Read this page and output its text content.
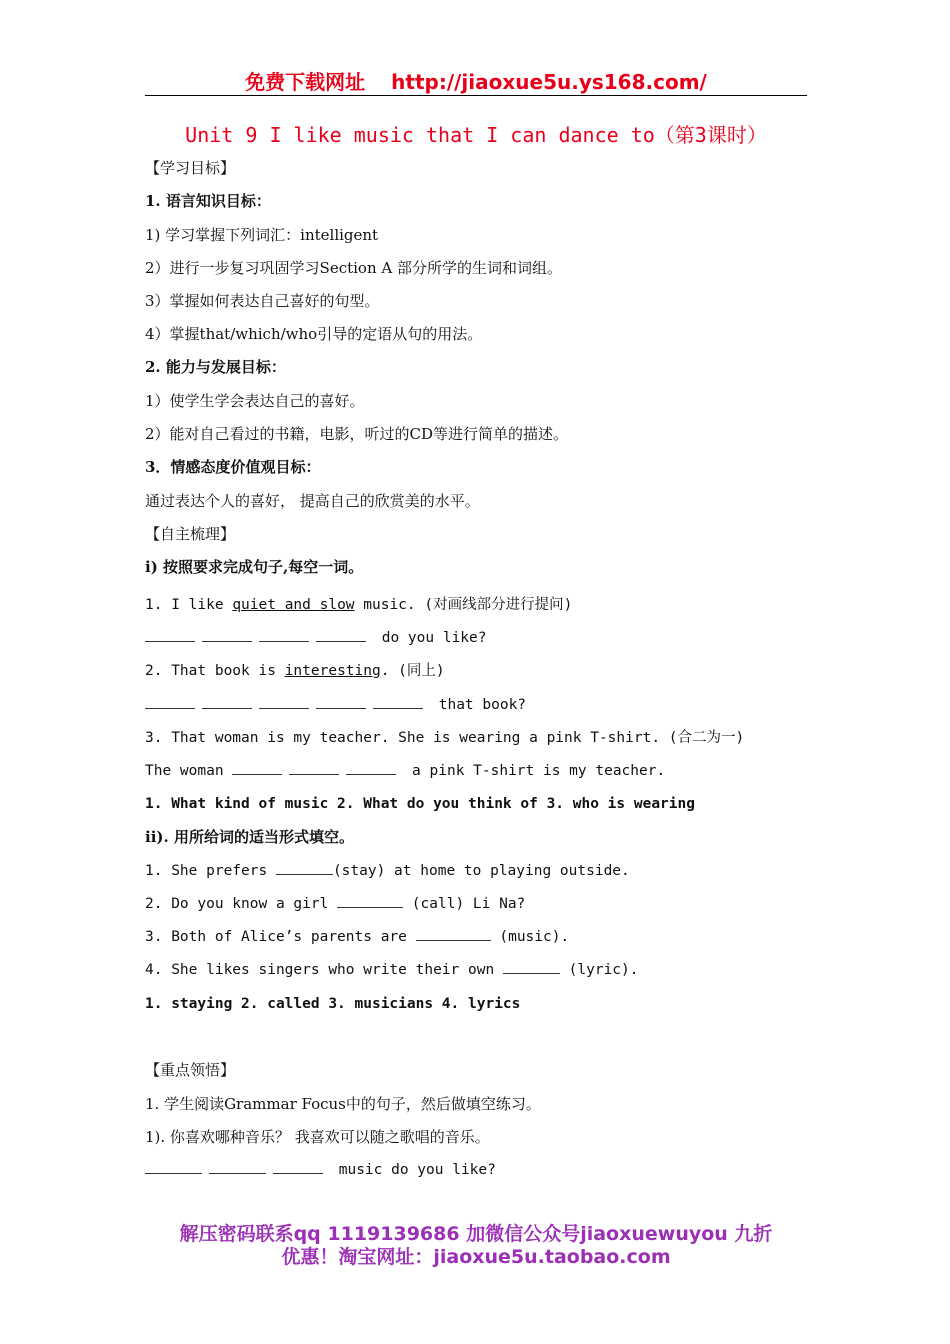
免费下载网址 http://jiaoxue5u.ys168.com/
Unit 9 I like music that I can dance to（第3课时）
【学习目标】
1. 语言知识目标：
1) 学习掌握下列词汇：intelligent
2）进行一步复习巩固学习Section A 部分所学的生词和词组。
3）掌握如何表达自己喜好的句型。
4）掌握that/which/who引导的定语从句的用法。
2. 能力与发展目标：
1）使学生学会表达自己的喜好。
2）能对自己看过的书籍，电影，听过的CD等进行简单的描述。
3．情感态度价值观目标：
通过表达个人的喜好， 提高自己的欣赏美的水平。
【自主梳理】
i) 按照要求完成句子,每空一词。
1. I like quiet and slow music. (对画线部分进行提问)
do you like?
2. That book is interesting. (同上)
that book?
3. That woman is my teacher. She is wearing a pink T-shirt. (合二为一)
The woman	a pink T-shirt is my teacher.
1. What kind of music 2. What do you think of 3. who is wearing
ii). 用所给词的适当形式填空。
1. She prefers	(stay) at home to playing outside.
2. Do you know a girl	(call) Li Na?
3. Both of Alice’s parents are	(music).
4. She likes singers who write their own	(lyric).
1. staying 2. called 3. musicians 4. lyrics
【重点领悟】
1. 学生阅读Grammar Focus中的句子，然后做填空练习。
1). 你喜欢哪种音乐？ 我喜欢可以随之歌唱的音乐。
music do you like?
解压密码联系qq 1119139686 加微信公众号jiaoxuewuyou 九折
优惠！淘宝网址：jiaoxue5u.taobao.com
